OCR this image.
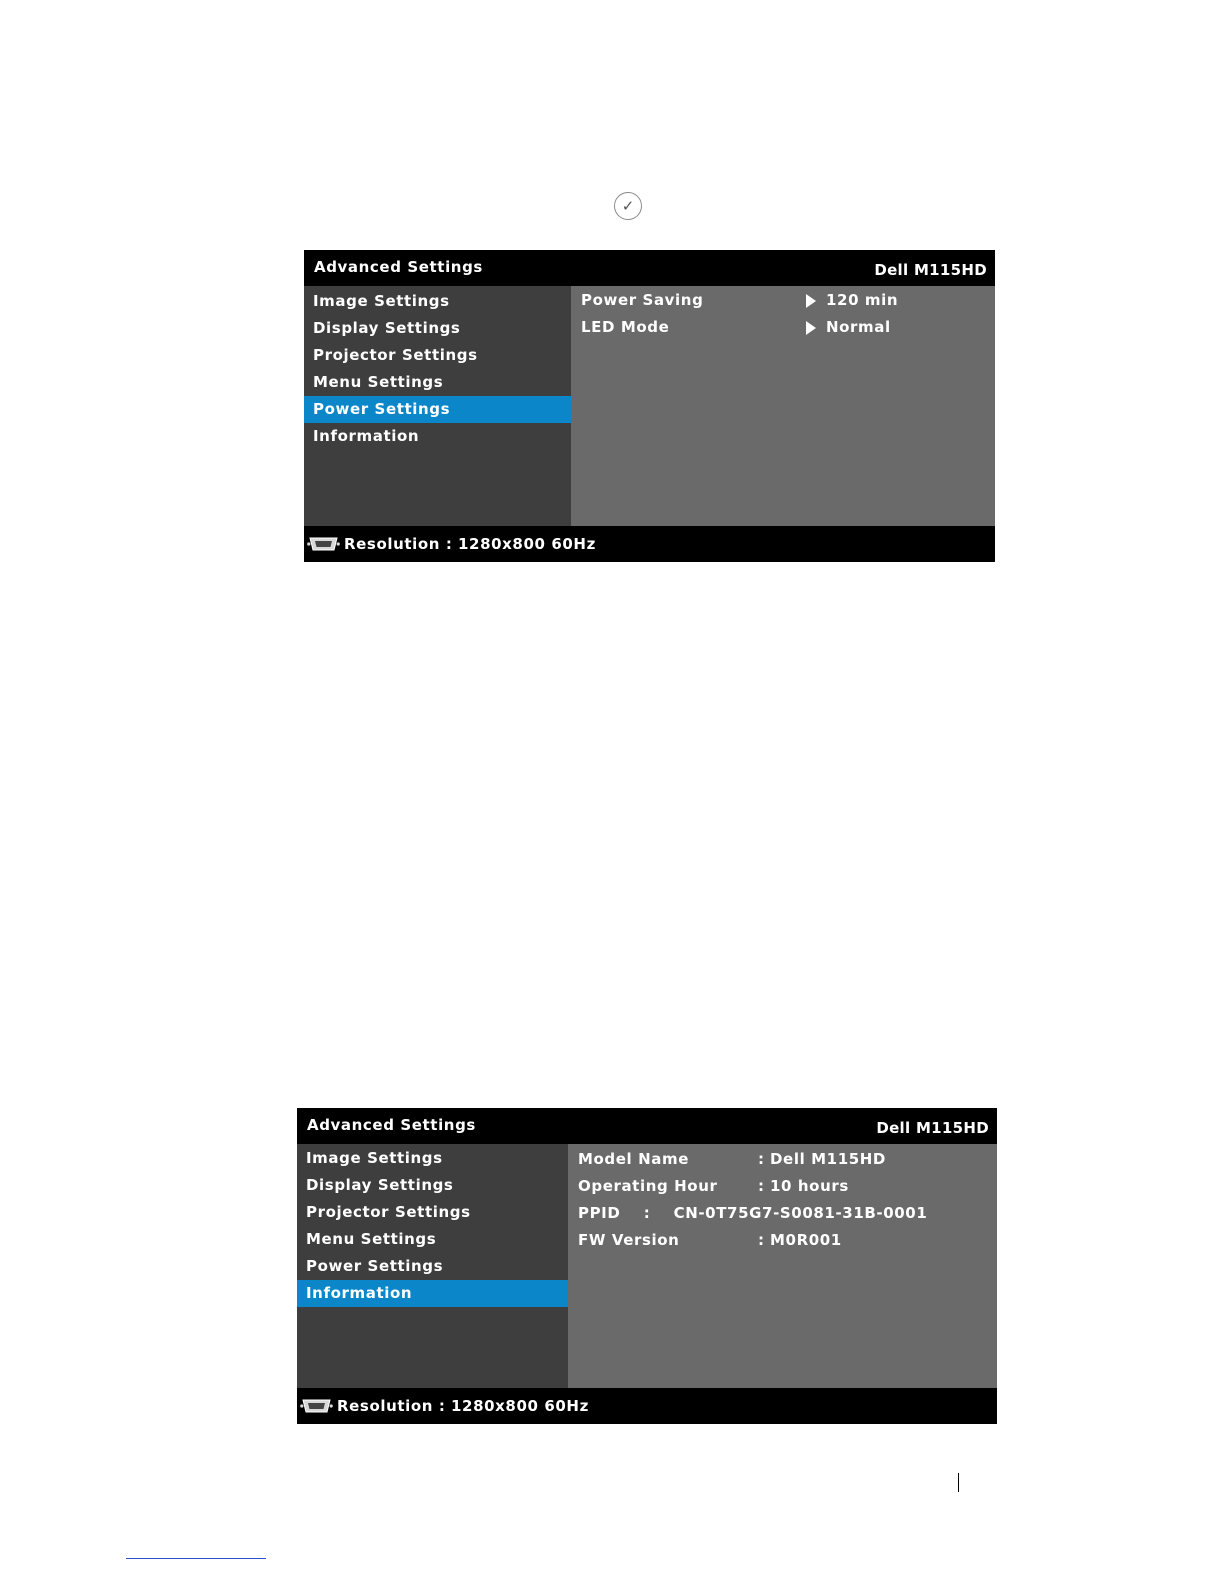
✓
Advanced Settings	Dell M115HD
Image Settings
Display Settings
Projector Settings
Menu Settings
Power Settings
Information
Power Saving	120 min
LED Mode	Normal
Resolution : 1280x800 60Hz
Advanced Settings	Dell M115HD
Image Settings
Display Settings
Projector Settings
Menu Settings
Power Settings
Information
Model Name	: Dell M115HD
Operating Hour	: 10 hours
PPID    :    CN-0T75G7-S0081-31B-0001
FW Version	: M0R001
Resolution : 1280x800 60Hz
